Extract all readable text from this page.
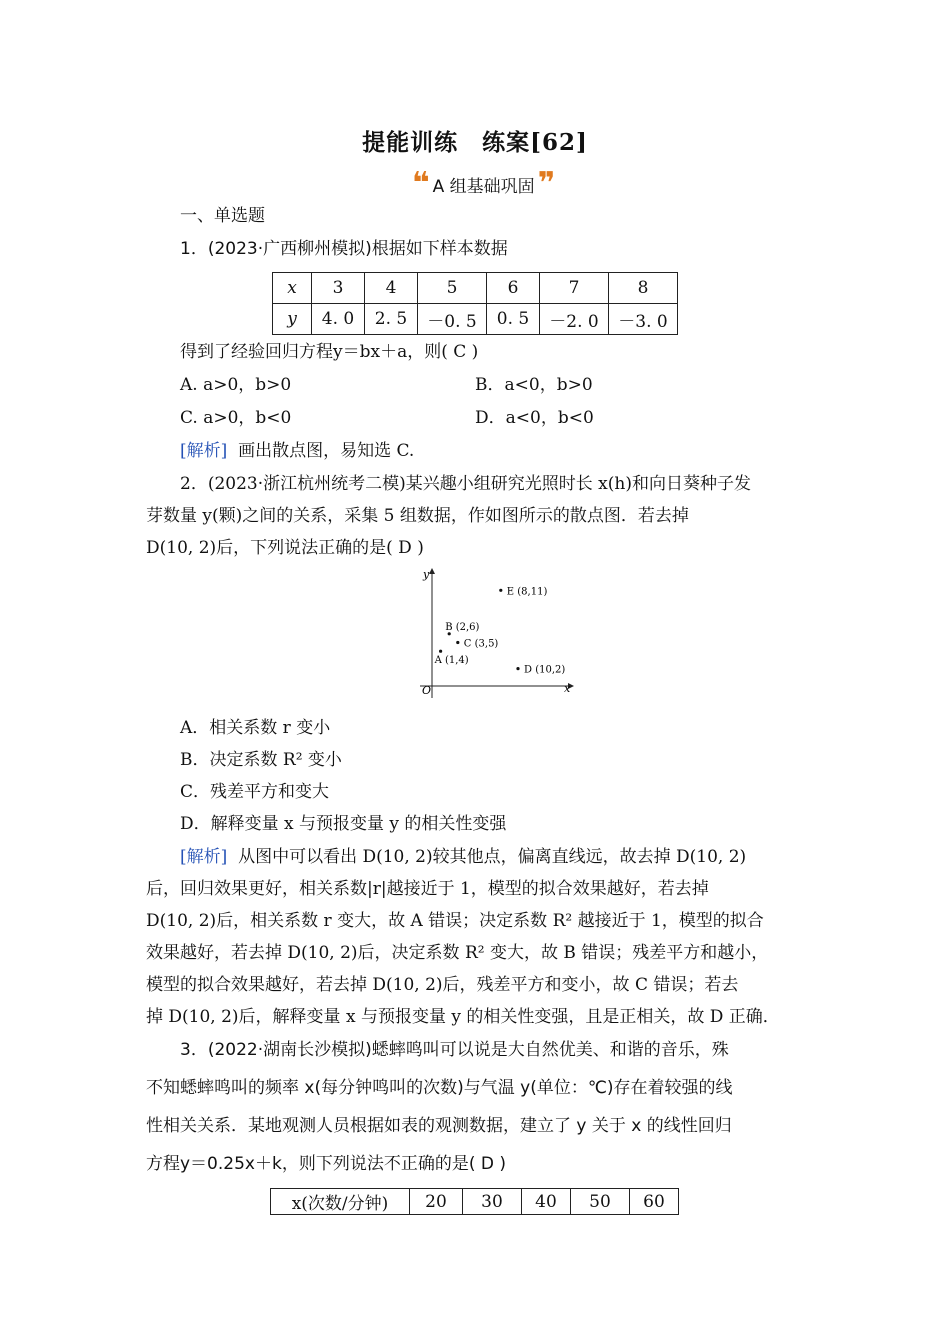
提能训练　练案[62]
❝ A 组基础巩固 ❞
一、单选题
1．(2023·广西柳州模拟)根据如下样本数据
x	3	4	5	6	7	8
y	4. 0	2. 5	－0. 5	0. 5	－2. 0	－3. 0
得到了经验回归方程y＝bx＋a，则( C )
A. a>0，b>0	B．a<0，b>0
C. a>0，b<0	D．a<0，b<0
[解析] 画出散点图，易知选 C.
2．(2023·浙江杭州统考二模)某兴趣小组研究光照时长 x(h)和向日葵种子发
芽数量 y(颗)之间的关系，采集 5 组数据，作如图所示的散点图．若去掉
D(10, 2)后，下列说法正确的是( D )
x
y
O
A (1,4)
B (2,6)
C (3,5)
D (10,2)
E (8,11)
A．相关系数 r 变小
B．决定系数 R² 变小
C．残差平方和变大
D．解释变量 x 与预报变量 y 的相关性变强
[解析] 从图中可以看出 D(10, 2)较其他点，偏离直线远，故去掉 D(10, 2)
后，回归效果更好，相关系数|r|越接近于 1，模型的拟合效果越好，若去掉
D(10, 2)后，相关系数 r 变大，故 A 错误；决定系数 R² 越接近于 1，模型的拟合
效果越好，若去掉 D(10, 2)后，决定系数 R² 变大，故 B 错误；残差平方和越小，
模型的拟合效果越好，若去掉 D(10, 2)后，残差平方和变小，故 C 错误；若去
掉 D(10, 2)后，解释变量 x 与预报变量 y 的相关性变强，且是正相关，故 D 正确．
3．(2022·湖南长沙模拟)蟋蟀鸣叫可以说是大自然优美、和谐的音乐，殊
不知蟋蟀鸣叫的频率 x(每分钟鸣叫的次数)与气温 y(单位：℃)存在着较强的线
性相关关系．某地观测人员根据如表的观测数据，建立了 y 关于 x 的线性回归
方程y＝0.25x＋k，则下列说法不正确的是( D )
x(次数/分钟)	20	30	40	50	60
